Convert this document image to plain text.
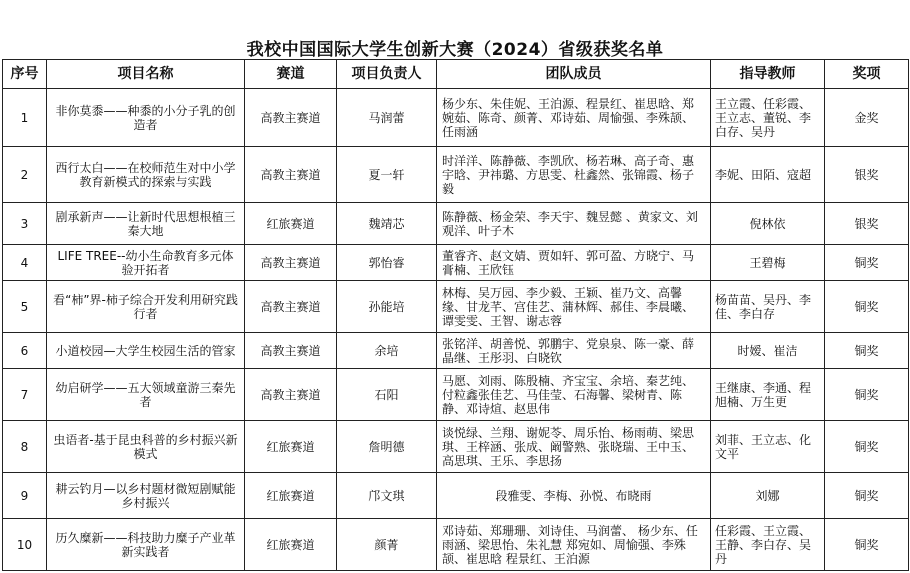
我校中国国际大学生创新大赛（2024）省级获奖名单
序号	项目名称	赛道	项目负责人	团队成员	指导教师	奖项
1	非你莫黍——种黍的小分子乳的创造者	高教主赛道	马润蕾	杨少东、朱佳妮、王泊源、程景红、崔思晗、郑婉茹、陈奇、颜菁、邓诗茹、周愉强、李殊颉、任雨涵	王立霞、任彩霞、王立志、董锐、李白存、吴丹	金奖
2	西行太白——在校师范生对中小学教育新模式的探索与实践	高教主赛道	夏一轩	时洋洋、陈静薇、李凯欣、杨若琳、高子奇、惠宇晗、尹祎璐、方思雯、杜鑫然、张锦霞、杨子毅	李妮、田陌、寇超	银奖
3	剧承新声——让新时代思想根植三秦大地	红旅赛道	魏靖芯	陈静薇、杨金荣、李天宇、魏昱懿 、黄家文、刘观洋、叶子木	倪林依	银奖
4	LIFE TREE--幼小生命教育多元体验开拓者	高教主赛道	郭怡睿	董睿齐、赵文婧、贾如轩、郭可盈、方晓宁、马膏楠、王欣钰	王碧梅	铜奖
5	看“柿”界-柿子综合开发利用研究践行者	高教主赛道	孙能培	林梅、吴万园、李少毅、王颖、崔乃文、高馨缘、甘龙芊、宫佳艺、蒲林辉、郝佳、李晨曦、谭雯雯、王智、谢志蓉	杨苗苗、吴丹、李佳、李白存	铜奖
6	小道校园—大学生校园生活的管家	高教主赛道	余培	张铭洋、胡善悦、郭鹏宇、党泉泉、陈一豪、薛晶继、王彤羽、白晓钦	时嫒、崔洁	铜奖
7	幼启研学——五大领域童游三秦先者	高教主赛道	石阳	马愿、刘雨、陈殷楠、齐宝宝、余培、秦艺纯、付粒鑫张佳艺、马佳莹、石海馨、梁树青、陈静、邓诗煊、赵思伟	王继康、李通、程旭楠、万生更	铜奖
8	虫语者-基于昆虫科普的乡村振兴新模式	红旅赛道	詹明德	谈悦绿、兰翔、谢妮苓、周乐怡、杨雨萌、梁思琪、王梓涵、张成、阚警熟、张晓瑞、王中玉、高思琪、王乐、李思扬	刘菲、王立志、化文平	铜奖
9	耕云钓月—以乡村题材微短剧赋能乡村振兴	红旅赛道	邝文琪	段雅雯、李梅、孙悦、布晓雨	刘娜	铜奖
10	历久糜新——科技助力糜子产业革新实践者	红旅赛道	颜菁	邓诗茹、郑珊珊、刘诗佳、马润蕾、 杨少东、任雨涵、梁思怡、朱礼慧 郑宛如、周愉强、李殊颉、崔思晗 程景红、王泊源	任彩霞、王立霞、王静、李白存、吴丹	铜奖
